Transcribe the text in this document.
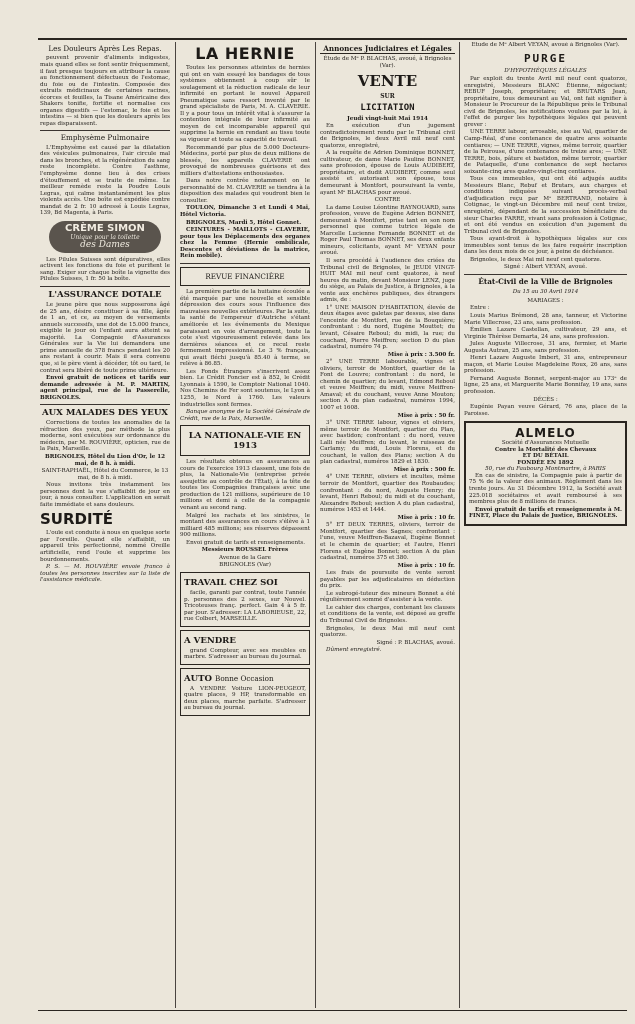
Les Douleurs Après Les Repas.

peuvent provenir d'aliments indigestes, mais quand elles se font sentir fréquemment, il faut presque toujours en attribuer la cause au fonctionnement défectueux de l'estomac, du foie ou de l'intestin. Composée des extraits médicinaux de certaines racines, écorces et feuilles, la Tisane Américaine des Shakers tonifie, fortifie et normalise ces organes digestifs — l'estomac, le foie et les intestins — si bien que les douleurs après les repas disparaissent.

Emphysème Pulmonaire

L'Emphysème est causé par la dilatation des vésicules pulmonaires, l'air circule mal dans les bronches, et la régénération du sang reste incomplète. Contre l'asthme, l'emphysème donne lieu à des crises d'étouffement et se traite de même. Le meilleur remède reste la Poudre Louis Legras, qui calme instantanément les plus violents accès. Une boîte est expédiée contre mandat de 2 fr. 10 adressé à Louis Legras, 139, Bd Magenta, à Paris.

CRÈME SIMON
Unique pour la toilette
des Dames

Les Pilules Suisses sont dépuratives, elles activent les fonctions du foie et purifient le sang. Exiger sur chaque boîte la vignette des Pilules Suisses, 1 fr. 50 la boîte.

L'ASSURANCE DOTALE

Le jeune père que nous supposerons âgé de 25 ans, désire constituer à sa fille, âgée de 1 an, et ce, au moyen de versements annuels successifs, une dot de 15.000 francs, exigible le jour où l'enfant aura atteint sa majorité. La Compagnie d'Assurances Générales sur la Vie lui demandera une prime annuelle de 378 francs pendant les 20 ans restant à courir. Mais il sera convenu que, si le père vient à décéder, tôt ou tard, le contrat sera libéré de toute prime ultérieure.

Envoi gratuit de notices et tarifs sur demande adressée à M. P. MARTIN, agent principal, rue de la Passerelle, BRIGNOLES.

AUX MALADES DES YEUX

Corrections de toutes les anomalies de la réfraction des yeux, par méthode la plus moderne, sont exécutées sur ordonnance du médecin, par M. ROUVIÈRE, opticien, rue de la Paix, Marseille.

BRIGNOLES, Hôtel du Lion d'Or, le 12 mai, de 8 h. à midi.

SAINT-RAPHAËL, Hôtel du Commerce, le 13 mai, de 8 h. à midi.

Nous invitons très instamment les personnes dont la vue s'affaiblit de jour en jour, à nous consulter. L'application en serait faite immédiate et sans douleurs.

SURDITÉ

L'ouïe est conduite à nous en quelque sorte par l'oreille. Quand elle s'affaiblit, un appareil très perfectionné, nommé Oreille artificielle, rend l'ouïe et supprime les bourdonnements.

P. S. — M. ROUVIÈRE envoie franco à toutes les personnes inscrites sur la liste de l'assistance médicale.

LA HERNIE

Toutes les personnes atteintes de hernies qui ont en vain essayé les bandages de tous systèmes obtiennent à coup sûr le soulagement et la réduction radicale de leur infirmité en portant le nouvel Appareil Pneumatique sans ressort inventé par le grand spécialiste de Paris, M. A. CLAVERIE. Il y a pour tous un intérêt vital à s'assurer la contention intégrale de leur infirmité au moyen de cet incomparable appareil qui supprime la hernie en rendant au tissu toute sa vigueur et toute sa capacité de travail.

Recommandé par plus de 5.000 Docteurs-Médecins, porté par plus de deux millions de blessés, les appareils CLAVERIE ont provoqué de nombreuses guérisons et des milliers d'attestations enthousiastes.

Dans notre contrée notamment on le personnalité de M. CLAVERIE se tiendra à la disposition des malades qui voudront bien le consulter.

TOULON, Dimanche 3 et Lundi 4 Mai, Hôtel Victoria.

BRIGNOLES, Mardi 5, Hôtel Gonnet.

CEINTURES - MAILLOTS - CLAVERIE, pour tous les Déplacements des organes chez la Femme (Hernie ombilicale, Descentes et déviations de la matrice, Rein mobile).

REVUE FINANCIÈRE

La première partie de la huitaine écoulée a été marquée par une nouvelle et sensible dépression des cours sous l'influence des mauvaises nouvelles extérieures. Par la suite, la santé de l'empereur d'Autriche s'étant améliorée et les événements du Mexique paraissant en voie d'arrangement, toute la cote s'est vigoureusement relevée dans les dernières séances et ce recul reste fermement impressionné. Le 3 % français, qui avait fléchi jusqu'à 85.40 à terme, se relève à 86.85.

Les Fonds Étrangers s'inscrivent assez bien. Le Crédit Foncier est à 852, le Crédit Lyonnais à 1590, le Comptoir National 1040. Nos Chemins de Fer sont soutenus, le Lyon à 1255, le Nord à 1760. Les valeurs industrielles sont fermes.

Banque anonyme de la Société Générale de Crédit, rue de la Paix, Marseille.

LA NATIONALE-VIE EN 1913

Les résultats obtenus en assurances au cours de l'exercice 1913 classent, une fois de plus, la Nationale-Vie (entreprise privée assujettie au contrôle de l'État), à la tête de toutes les Compagnies françaises avec une production de 121 millions, supérieure de 10 millions et demi à celle de la compagnie venant au second rang.

Malgré les rachats et les sinistres, le montant des assurances en cours s'élève à 1 milliard 485 millions; ses réserves dépassent 900 millions.

Envoi gratuit de tarifs et renseignements.

Messieurs ROUSSEL Frères

Avenue de la Gare

BRIGNOLES (Var)

TRAVAIL CHEZ SOI

facile, garanti par contrat, toute l'année p. personnes des 2 sexes, sur Nouvel. Tricoteuses franç. perfect. Gain 4 à 5 fr. par jour. S'adresser: LA LABORIEUSE, 22, rue Colbert, MARSEILLE.

A VENDRE

grand Compteur, avec ses meubles en marbre. S'adresser au bureau du journal.

AUTO Bonne Occasion

A VENDRE Voiture LION-PEUGEOT, quatre places, 9 HP, transformable en deux places, marche parfaite. S'adresser au bureau du journal.

Annonces Judiciaires et Légales

Étude de Mᵉ P. BLACHAS, avoué, à Brignoles (Var).

VENTE
SUR
LICITATION

Jeudi vingt-huit Mai 1914

En exécution d'un jugement contradictoirement rendu par le Tribunal civil de Brignoles, le deux Avril mil neuf cent quatorze, enregistré,

A la requête de Adrien Dominique BONNET, cultivateur, de dame Marie Pauline BONNET, sans profession, épouse de Louis AUDIBERT, propriétaire, et dudit AUDIBERT, comme seul assisté et autorisant son épouse, tous demeurant à Montfort, poursuivant la vente, ayant Mᵉ BLACHAS pour avoué.

CONTRE

La dame Louise Léontine RAYNOUARD, sans profession, veuve de Eugène Adrien BONNET, demeurant à Montfort, prise tant en son nom personnel que comme tutrice légale de Marcelle Lucienne Fernande BONNET et de Roger Paul Thomas BONNET, ses deux enfants mineurs, colicitants, ayant Mᵉ VEYAN pour avoué.

Il sera procédé à l'audience des criées du Tribunal civil de Brignoles, le JEUDI VINGT-HUIT MAI mil neuf cent quatorze, à neuf heures du matin, devant Monsieur LENZ, juge du siège, au Palais de Justice, à Brignoles, à la vente aux enchères publiques, des étrangers admis, de :

1° UNE MAISON D'HABITATION, élevée de deux étages avec galetas par dessus, sise dans l'enceinte de Montfort, rue de la Bouquière; confrontant : du nord, Eugène Mouttet; du levant, Césaire Reboul; du midi, la rue; du couchant, Pierre Meiffren; section D du plan cadastral, numéro 74 p.

Mise à prix : 3.500 fr.

2° UNE TERRE labourable, vignes et oliviers, terroir de Montfort, quartier de la Font de Louvre; confrontant : du nord, le chemin de quartier; du levant, Edmond Reboul et veuve Meiffren; du midi, veuve Meiffren-Amaval; et du couchant, veuve Anne Mouton; section A du plan cadastral, numéros 1994, 1007 et 1608.

Mise à prix : 50 fr.

3° UNE TERRE labour, vignes et oliviers, même terroir de Montfort, quartier du Plan, avec bastidon; confrontant : du nord, veuve Lalli née Meiffren; du levant, le ruisseau de Carlamy; du midi, Louis Florens, et du couchant, le vallon des Plans; section A du plan cadastral, numéros 1829 et 1830.

Mise à prix : 500 fr.

4° UNE TERRE, oliviers et incultes, même terroir de Montfort, quartier des Roubaudes; confrontant : du nord, Auguste Henry; du levant, Henri Reboul; du midi et du couchant, Alexandre Reboul; section A du plan cadastral, numéros 1453 et 1444.

Mise à prix : 10 fr.

5° ET DEUX TERRES, oliviers, terroir de Montfort, quartier des Sagnes; confrontant : l'une, veuve Meiffren-Bazaval, Eugène Bonnet et le chemin de quartier; et l'autre, Henri Florens et Eugène Bonnet; section A du plan cadastral, numéros 375 et 380.

Mise à prix : 10 fr.

Les frais de poursuite de vente seront payables par les adjudicataires en déduction du prix.

Le subrogé-tuteur des mineurs Bonnet a été régulièrement sommé d'assister à la vente.

Le cahier des charges, contenant les clauses et conditions de la vente, est déposé au greffe du Tribunal Civil de Brignoles.

Brignoles, le deux Mai mil neuf cent quatorze.

Signé : P. BLACHAS, avoué.

Dûment enregistré.

Étude de Mᵉ Albert VEYAN, avoué à Brignoles (Var).

PURGE
D'HYPOTHÈQUES LÉGALES

Par exploit du trente Avril mil neuf cent quatorze, enregistré, Messieurs BLANC Étienne, négociant; REBUF Joseph, propriétaire; et BRUTARS Jean, propriétaire, tous demeurant au Val, ont fait signifier à Monsieur le Procureur de la République près le Tribunal civil de Brignoles, les notifications voulues par la loi, à l'effet de purger les hypothèques légales qui peuvent grever :

UNE TERRE labour, arrosable, sise au Val, quartier de Camp-Réal, d'une contenance de quatre ares soixante centiares; — UNE TERRE, vignes, même terroir, quartier de la Peirouse, d'une contenance de treize ares; — UNE TERRE, bois, pâture et bastidon, même terroir, quartier de Pataquelle, d'une contenance de sept hectares soixante-cinq ares quatre-vingt-cinq centiares.

Tous ces immeubles, qui ont été adjugés audits Messieurs Blanc, Rebuf et Brutars, aux charges et conditions indiquées suivant procès-verbal d'adjudication reçu par Mᵉ BERTRAND, notaire à Cotignac, le vingt-un Décembre mil neuf cent treize, enregistré, dépendant de la succession bénéficiaire du sieur Charles FARRE, vivant sans profession à Cotignac, et ont été vendus en exécution d'un jugement du Tribunal civil de Brignoles.

Tous ayant-droit à hypothèques légales sur ces immeubles sont tenus de les faire requérir inscription dans les deux mois de ce jour, à peine de déchéance.

Brignoles, le deux Mai mil neuf cent quatorze.

Signé : Albert VEYAN, avoué.

État-Civil de la Ville de Brignoles
Du 15 au 30 Avril 1914

MARIAGES :

Entre :

Louis Marius Brémond, 28 ans, tanneur, et Victorine Marie Villecrose, 23 ans, sans profession.

Émilien Lazare Castellan, cultivateur, 29 ans, et Virginie Thérèse Demarta, 24 ans, sans profession.

Jules Auguste Villecrose, 31 ans, fermier, et Marie Augusta Autran, 25 ans, sans profession.

Henri Lazare Auguste Imbert, 31 ans, entrepreneur maçon, et Marie Louise Magdeleine Roux, 26 ans, sans profession.

Fernand Auguste Bonnet, sergent-major au 173ᵉ de ligne, 25 ans, et Marguerite Marie Bonnifay, 19 ans, sans profession.

DÉCÈS :

Eugénie Payan veuve Gérard, 76 ans, place de la Paroisse.

ALMELO
Société d'Assurances Mutuelle
Contre la Mortalité des Chevaux
ET DU BÉTAIL
FONDÉE EN 1892
50, rue du Faubourg Montmartre, à PARIS

En cas de sinistre, la Compagnie paie à partir de 75 % de la valeur des animaux. Règlement dans les trente jours. Au 31 Décembre 1912, la Société avait 225.018 sociétaires et avait remboursé à ses membres plus de 8 millions de francs.

Envoi gratuit de tarifs et renseignements à M. FINET, Place du Palais de Justice, BRIGNOLES.
